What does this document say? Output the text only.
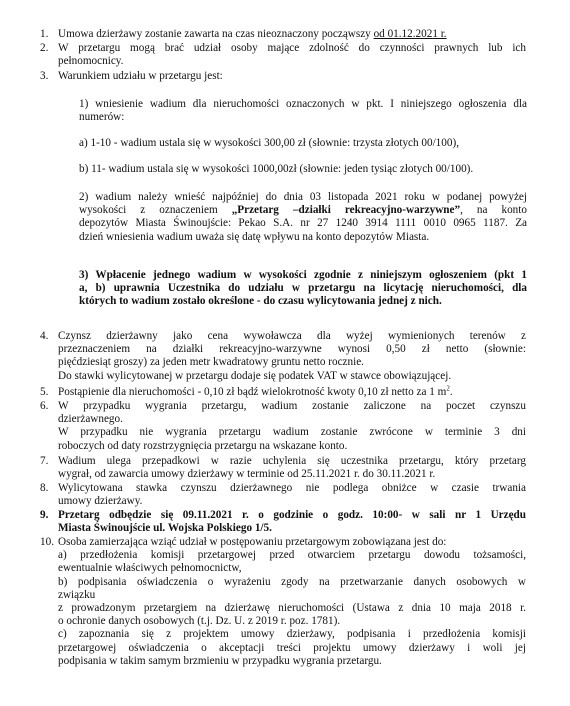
1. Umowa dzierżawy zostanie zawarta na czas nieoznaczony począwszy od 01.12.2021 r.
2. W przetargu mogą brać udział osoby mające zdolność do czynności prawnych lub ich
pełnomocnicy.
3. Warunkiem udziału w przetargu jest:
1) wniesienie wadium dla nieruchomości oznaczonych w pkt. I niniejszego ogłoszenia dla
numerów:
a) 1-10 - wadium ustala się w wysokości 300,00 zł (słownie: trzysta złotych 00/100),
b) 11- wadium ustala się w wysokości 1000,00zł (słownie: jeden tysiąc złotych 00/100).
2) wadium należy wnieść najpóźniej do dnia 03 listopada 2021 roku w podanej powyżej
wysokości z oznaczeniem „Przetarg –działki rekreacyjno-warzywne”, na konto
depozytów Miasta Świnoujście: Pekao S.A. nr 27 1240 3914 1111 0010 0965 1187. Za
dzień wniesienia wadium uważa się datę wpływu na konto depozytów Miasta.
3) Wpłacenie jednego wadium w wysokości zgodnie z niniejszym ogłoszeniem (pkt 1
a, b) uprawnia Uczestnika do udziału w przetargu na licytację nieruchomości, dla
których to wadium zostało określone - do czasu wylicytowania jednej z nich.
4. Czynsz dzierżawny jako cena wywoławcza dla wyżej wymienionych terenów z
przeznaczeniem na działki rekreacyjno-warzywne wynosi 0,50 zł netto (słownie:
pięćdziesiąt groszy) za jeden metr kwadratowy gruntu netto rocznie.
Do stawki wylicytowanej w przetargu dodaje się podatek VAT w stawce obowiązującej.
5. Postąpienie dla nieruchomości - 0,10 zł bądź wielokrotność kwoty 0,10 zł netto za 1 $m^2$.
6. W przypadku wygrania przetargu, wadium zostanie zaliczone na poczet czynszu
dzierżawnego.
W przypadku nie wygrania przetargu wadium zostanie zwrócone w terminie 3 dni
roboczych od daty rozstrzygnięcia przetargu na wskazane konto.
7. Wadium ulega przepadkowi w razie uchylenia się uczestnika przetargu, który przetarg
wygrał, od zawarcia umowy dzierżawy w terminie od 25.11.2021 r. do 30.11.2021 r.
8. Wylicytowana stawka czynszu dzierżawnego nie podlega obniżce w czasie trwania
umowy dzierżawy.
9. Przetarg odbędzie się 09.11.2021 r. o godzinie o godz. 10:00- w sali nr 1 Urzędu
Miasta Świnoujście ul. Wojska Polskiego 1/5.
10. Osoba zamierzająca wziąć udział w postępowaniu przetargowym zobowiązana jest do:
a) przedłożenia komisji przetargowej przed otwarciem przetargu dowodu tożsamości,
ewentualnie właściwych pełnomocnictw,
b) podpisania oświadczenia o wyrażeniu zgody na przetwarzanie danych osobowych w
związku
z prowadzonym przetargiem na dzierżawę nieruchomości (Ustawa z dnia 10 maja 2018 r.
o ochronie danych osobowych (t.j. Dz. U. z 2019 r. poz. 1781).
c) zapoznania się z projektem umowy dzierżawy, podpisania i przedłożenia komisji
przetargowej oświadczenia o akceptacji treści projektu umowy dzierżawy i woli jej
podpisania w takim samym brzmieniu w przypadku wygrania przetargu.
